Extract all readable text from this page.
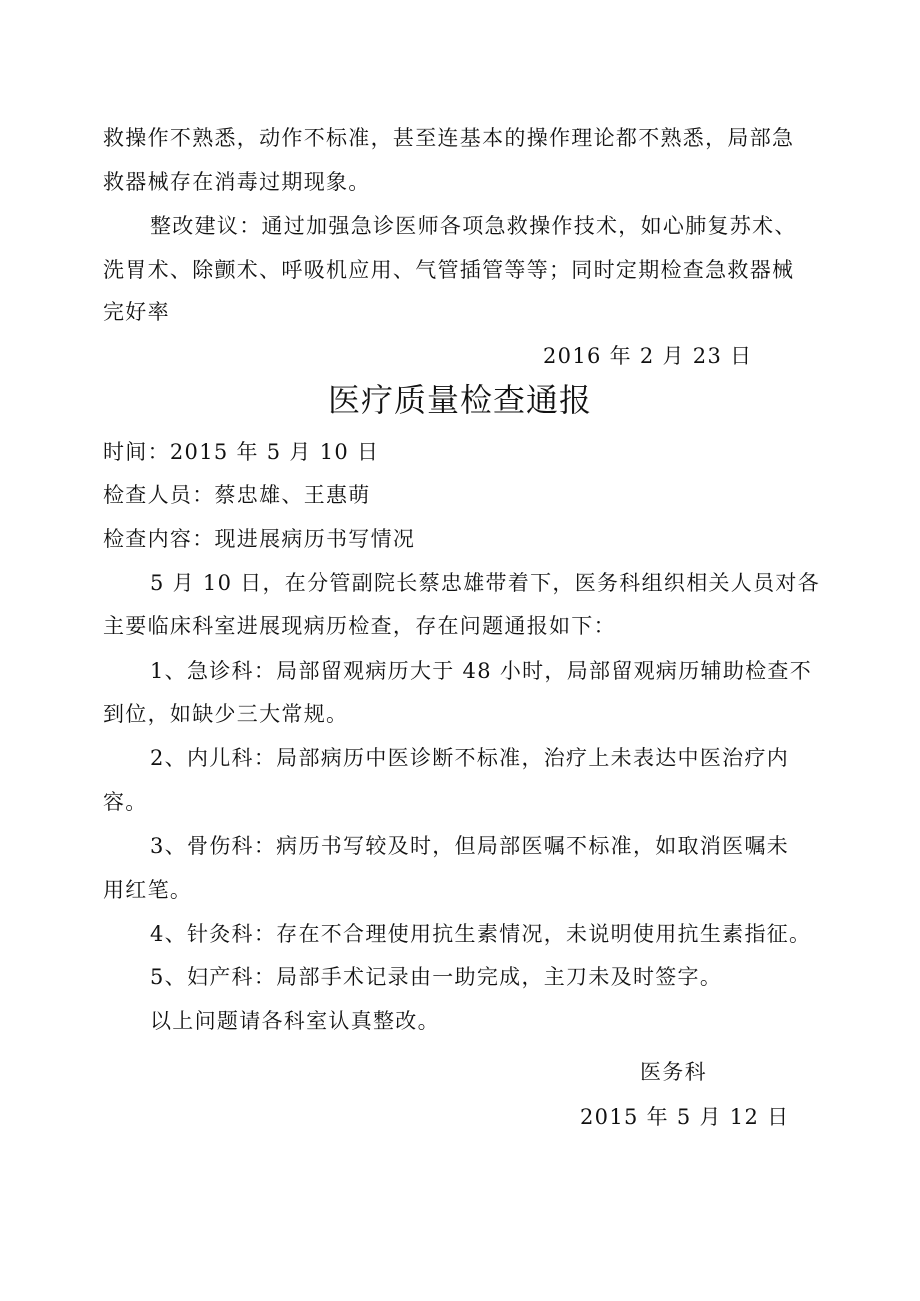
救操作不熟悉，动作不标准，甚至连基本的操作理论都不熟悉，局部急
救器械存在消毒过期现象。
整改建议：通过加强急诊医师各项急救操作技术，如心肺复苏术、
洗胃术、除颤术、呼吸机应用、气管插管等等；同时定期检查急救器械
完好率
2016 年 2 月 23 日
医疗质量检查通报
时间：2015 年 5 月 10 日
检查人员：蔡忠雄、王惠萌
检查内容：现进展病历书写情况
5 月 10 日，在分管副院长蔡忠雄带着下，医务科组织相关人员对各
主要临床科室进展现病历检查，存在问题通报如下：
1、急诊科：局部留观病历大于 48 小时，局部留观病历辅助检查不
到位，如缺少三大常规。
2、内儿科：局部病历中医诊断不标准，治疗上未表达中医治疗内
容。
3、骨伤科：病历书写较及时，但局部医嘱不标准，如取消医嘱未
用红笔。
4、针灸科：存在不合理使用抗生素情况，未说明使用抗生素指征。
5、妇产科：局部手术记录由一助完成，主刀未及时签字。
以上问题请各科室认真整改。
医务科
2015 年 5 月 12 日
